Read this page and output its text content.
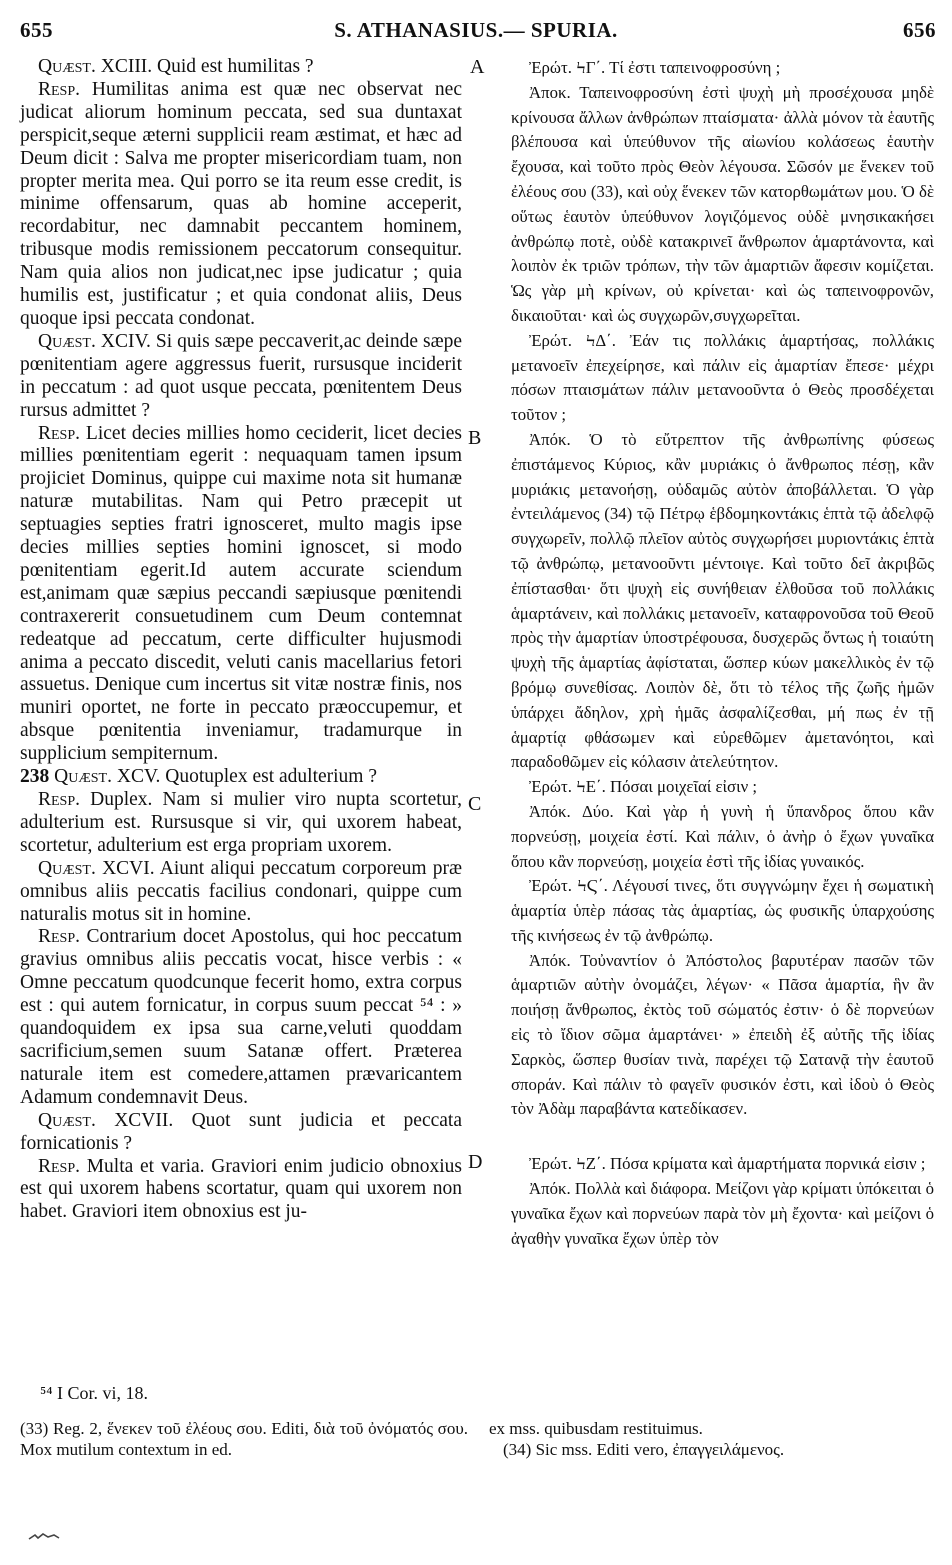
655	S. ATHANASIUS.— SPURIA.	656
A
B
C
D

Quæst. XCIII. Quid est humilitas ?

Resp. Humilitas anima est quæ nec observat nec judicat aliorum hominum peccata, sed sua duntaxat perspicit,seque æterni supplicii ream æstimat, et hæc ad Deum dicit : Salva me propter misericordiam tuam, non propter merita mea. Qui porro se ita reum esse credit, is minime offensarum, quas ab homine acceperit, recordabitur, nec damnabit peccantem hominem, tribusque modis remissionem peccatorum consequitur. Nam quia alios non judicat,nec ipse judicatur ; quia humilis est, justificatur ; et quia condonat aliis, Deus quoque ipsi peccata condonat.

Quæst. XCIV. Si quis sæpe peccaverit,ac deinde sæpe pœnitentiam agere aggressus fuerit, rursusque inciderit in peccatum : ad quot usque peccata, pœnitentem Deus rursus admittet ?

Resp. Licet decies millies homo ceciderit, licet decies millies pœnitentiam egerit : nequaquam tamen ipsum projiciet Dominus, quippe cui maxime nota sit humanæ naturæ mutabilitas. Nam qui Petro præcepit ut septuagies septies fratri ignosceret, multo magis ipse decies millies septies homini ignoscet, si modo pœnitentiam egerit.Id autem accurate sciendum est,animam quæ sæpius peccandi sæpiusque pœnitendi contraxererit consuetudinem cum Deum contemnat redeatque ad peccatum, certe difficulter hujusmodi anima a peccato discedit, veluti canis macellarius fetori assuetus. Denique cum incertus sit vitæ nostræ finis, nos muniri oportet, ne forte in peccato præoccupemur, et absque pœnitentia inveniamur, tradamurque in supplicium sempiternum.

238 Quæst. XCV. Quotuplex est adulterium ?

Resp. Duplex. Nam si mulier viro nupta scortetur, adulterium est. Rursusque si vir, qui uxorem habeat, scortetur, adulterium est erga propriam uxorem.

Quæst. XCVI. Aiunt aliqui peccatum corporeum præ omnibus aliis peccatis facilius condonari, quippe cum naturalis motus sit in homine.

Resp. Contrarium docet Apostolus, qui hoc peccatum gravius omnibus aliis peccatis vocat, hisce verbis : « Omne peccatum quodcunque fecerit homo, extra corpus est : qui autem fornicatur, in corpus suum peccat ⁵⁴ : » quandoquidem ex ipsa sua carne,veluti quoddam sacrificium,semen suum Satanæ offert. Præterea naturale item est comedere,attamen prævaricantem Adamum condemnavit Deus.

Quæst. XCVII. Quot sunt judicia et peccata fornicationis ?

Resp. Multa et varia. Graviori enim judicio obnoxius est qui uxorem habens scortatur, quam qui uxorem non habet. Graviori item obnoxius est ju-

Ἐρώτ. ϞΓ΄. Τί ἐστι ταπεινοφροσύνη ;

Ἀποκ. Ταπεινοφροσύνη ἐστὶ ψυχὴ μὴ προσέχουσα μηδὲ κρίνουσα ἄλλων ἀνθρώπων πταίσματα· ἀλλὰ μόνον τὰ ἑαυτῆς βλέπουσα καὶ ὑπεύθυνον τῆς αἰωνίου κολάσεως ἑαυτὴν ἔχουσα, καὶ τοῦτο πρὸς Θεὸν λέγουσα. Σῶσόν με ἕνεκεν τοῦ ἐλέους σου (33), καὶ οὐχ ἕνεκεν τῶν κατορθωμάτων μου. Ὁ δὲ οὕτως ἑαυτὸν ὑπεύθυνον λογιζόμενος οὐδὲ μνησικακήσει ἀνθρώπῳ ποτὲ, οὐδὲ κατακρινεῖ ἄνθρωπον ἁμαρτάνοντα, καὶ λοιπὸν ἐκ τριῶν τρόπων, τὴν τῶν ἁμαρτιῶν ἄφεσιν κομίζεται. Ὡς γὰρ μὴ κρίνων, οὐ κρίνεται· καὶ ὡς ταπεινοφρονῶν, δικαιοῦται· καὶ ὡς συγχωρῶν,συγχωρεῖται.

Ἐρώτ. ϞΔ΄. Ἐάν τις πολλάκις ἁμαρτήσας, πολλάκις μετανοεῖν ἐπεχείρησε, καὶ πάλιν εἰς ἁμαρτίαν ἔπεσε· μέχρι πόσων πταισμάτων πάλιν μετανοοῦντα ὁ Θεὸς προσδέχεται τοῦτον ;

Ἀπόκ. Ὁ τὸ εὔτρεπτον τῆς ἀνθρωπίνης φύσεως ἐπιστάμενος Κύριος, κἂν μυριάκις ὁ ἄνθρωπος πέσῃ, κἂν μυριάκις μετανοήσῃ, οὐδαμῶς αὐτὸν ἀποβάλλεται. Ὁ γὰρ ἐντειλάμενος (34) τῷ Πέτρῳ ἑβδομηκοντάκις ἑπτὰ τῷ ἀδελφῷ συγχωρεῖν, πολλῷ πλεῖον αὐτὸς συγχωρήσει μυριοντάκις ἑπτὰ τῷ ἀνθρώπῳ, μετανοοῦντι μέντοιγε. Καὶ τοῦτο δεῖ ἀκριβῶς ἐπίστασθαι· ὅτι ψυχὴ εἰς συνήθειαν ἐλθοῦσα τοῦ πολλάκις ἁμαρτάνειν, καὶ πολλάκις μετανοεῖν, καταφρονοῦσα τοῦ Θεοῦ πρὸς τὴν ἁμαρτίαν ὑποστρέφουσα, δυσχερῶς ὄντως ἡ τοιαύτη ψυχὴ τῆς ἁμαρτίας ἀφίσταται, ὥσπερ κύων μακελλικὸς ἐν τῷ βρόμῳ συνεθίσας. Λοιπὸν δὲ, ὅτι τὸ τέλος τῆς ζωῆς ἡμῶν ὑπάρχει ἄδηλον, χρὴ ἡμᾶς ἀσφαλίζεσθαι, μή πως ἐν τῇ ἁμαρτίᾳ φθάσωμεν καὶ εὑρεθῶμεν ἀμετανόητοι, καὶ παραδοθῶμεν εἰς κόλασιν ἀτελεύτητον.

Ἐρώτ. ϞΕ΄. Πόσαι μοιχεῖαί εἰσιν ;

Ἀπόκ. Δύο. Καὶ γὰρ ἡ γυνὴ ἡ ὕπανδρος ὅπου κἂν πορνεύσῃ, μοιχεία ἐστί. Καὶ πάλιν, ὁ ἀνὴρ ὁ ἔχων γυναῖκα ὅπου κἂν πορνεύσῃ, μοιχεία ἐστὶ τῆς ἰδίας γυναικός.

Ἐρώτ. ϞϚ΄. Λέγουσί τινες, ὅτι συγγνώμην ἔχει ἡ σωματικὴ ἁμαρτία ὑπὲρ πάσας τὰς ἁμαρτίας, ὡς φυσικῆς ὑπαρχούσης τῆς κινήσεως ἐν τῷ ἀνθρώπῳ.

Ἀπόκ. Τοὐναντίον ὁ Ἀπόστολος βαρυτέραν πασῶν τῶν ἁμαρτιῶν αὐτὴν ὀνομάζει, λέγων· « Πᾶσα ἁμαρτία, ἣν ἂν ποιήσῃ ἄνθρωπος, ἐκτὸς τοῦ σώματός ἐστιν· ὁ δὲ πορνεύων εἰς τὸ ἴδιον σῶμα ἁμαρτάνει· » ἐπειδὴ ἐξ αὐτῆς τῆς ἰδίας Σαρκὸς, ὥσπερ θυσίαν τινὰ, παρέχει τῷ Σατανᾷ τὴν ἑαυτοῦ σποράν. Καὶ πάλιν τὸ φαγεῖν φυσικόν ἐστι, καὶ ἰδοὺ ὁ Θεὸς τὸν Ἀδὰμ παραβάντα κατεδίκασεν.

Ἐρώτ. ϞΖ΄. Πόσα κρίματα καὶ ἁμαρτήματα πορνικά εἰσιν ;

Ἀπόκ. Πολλὰ καὶ διάφορα. Μείζονι γὰρ κρίματι ὑπόκειται ὁ γυναῖκα ἔχων καὶ πορνεύων παρὰ τὸν μὴ ἔχοντα· καὶ μείζονι ὁ ἀγαθὴν γυναῖκα ἔχων ὑπὲρ τὸν

⁵⁴ I Cor. vi, 18.
(33) Reg. 2, ἕνεκεν τοῦ ἐλέους σου. Editi, διὰ τοῦ ὀνόματός σου. Mox mutilum contextum in ed.
ex mss. quibusdam restituimus.
(34) Sic mss. Editi vero, ἐπαγγειλάμενος.
